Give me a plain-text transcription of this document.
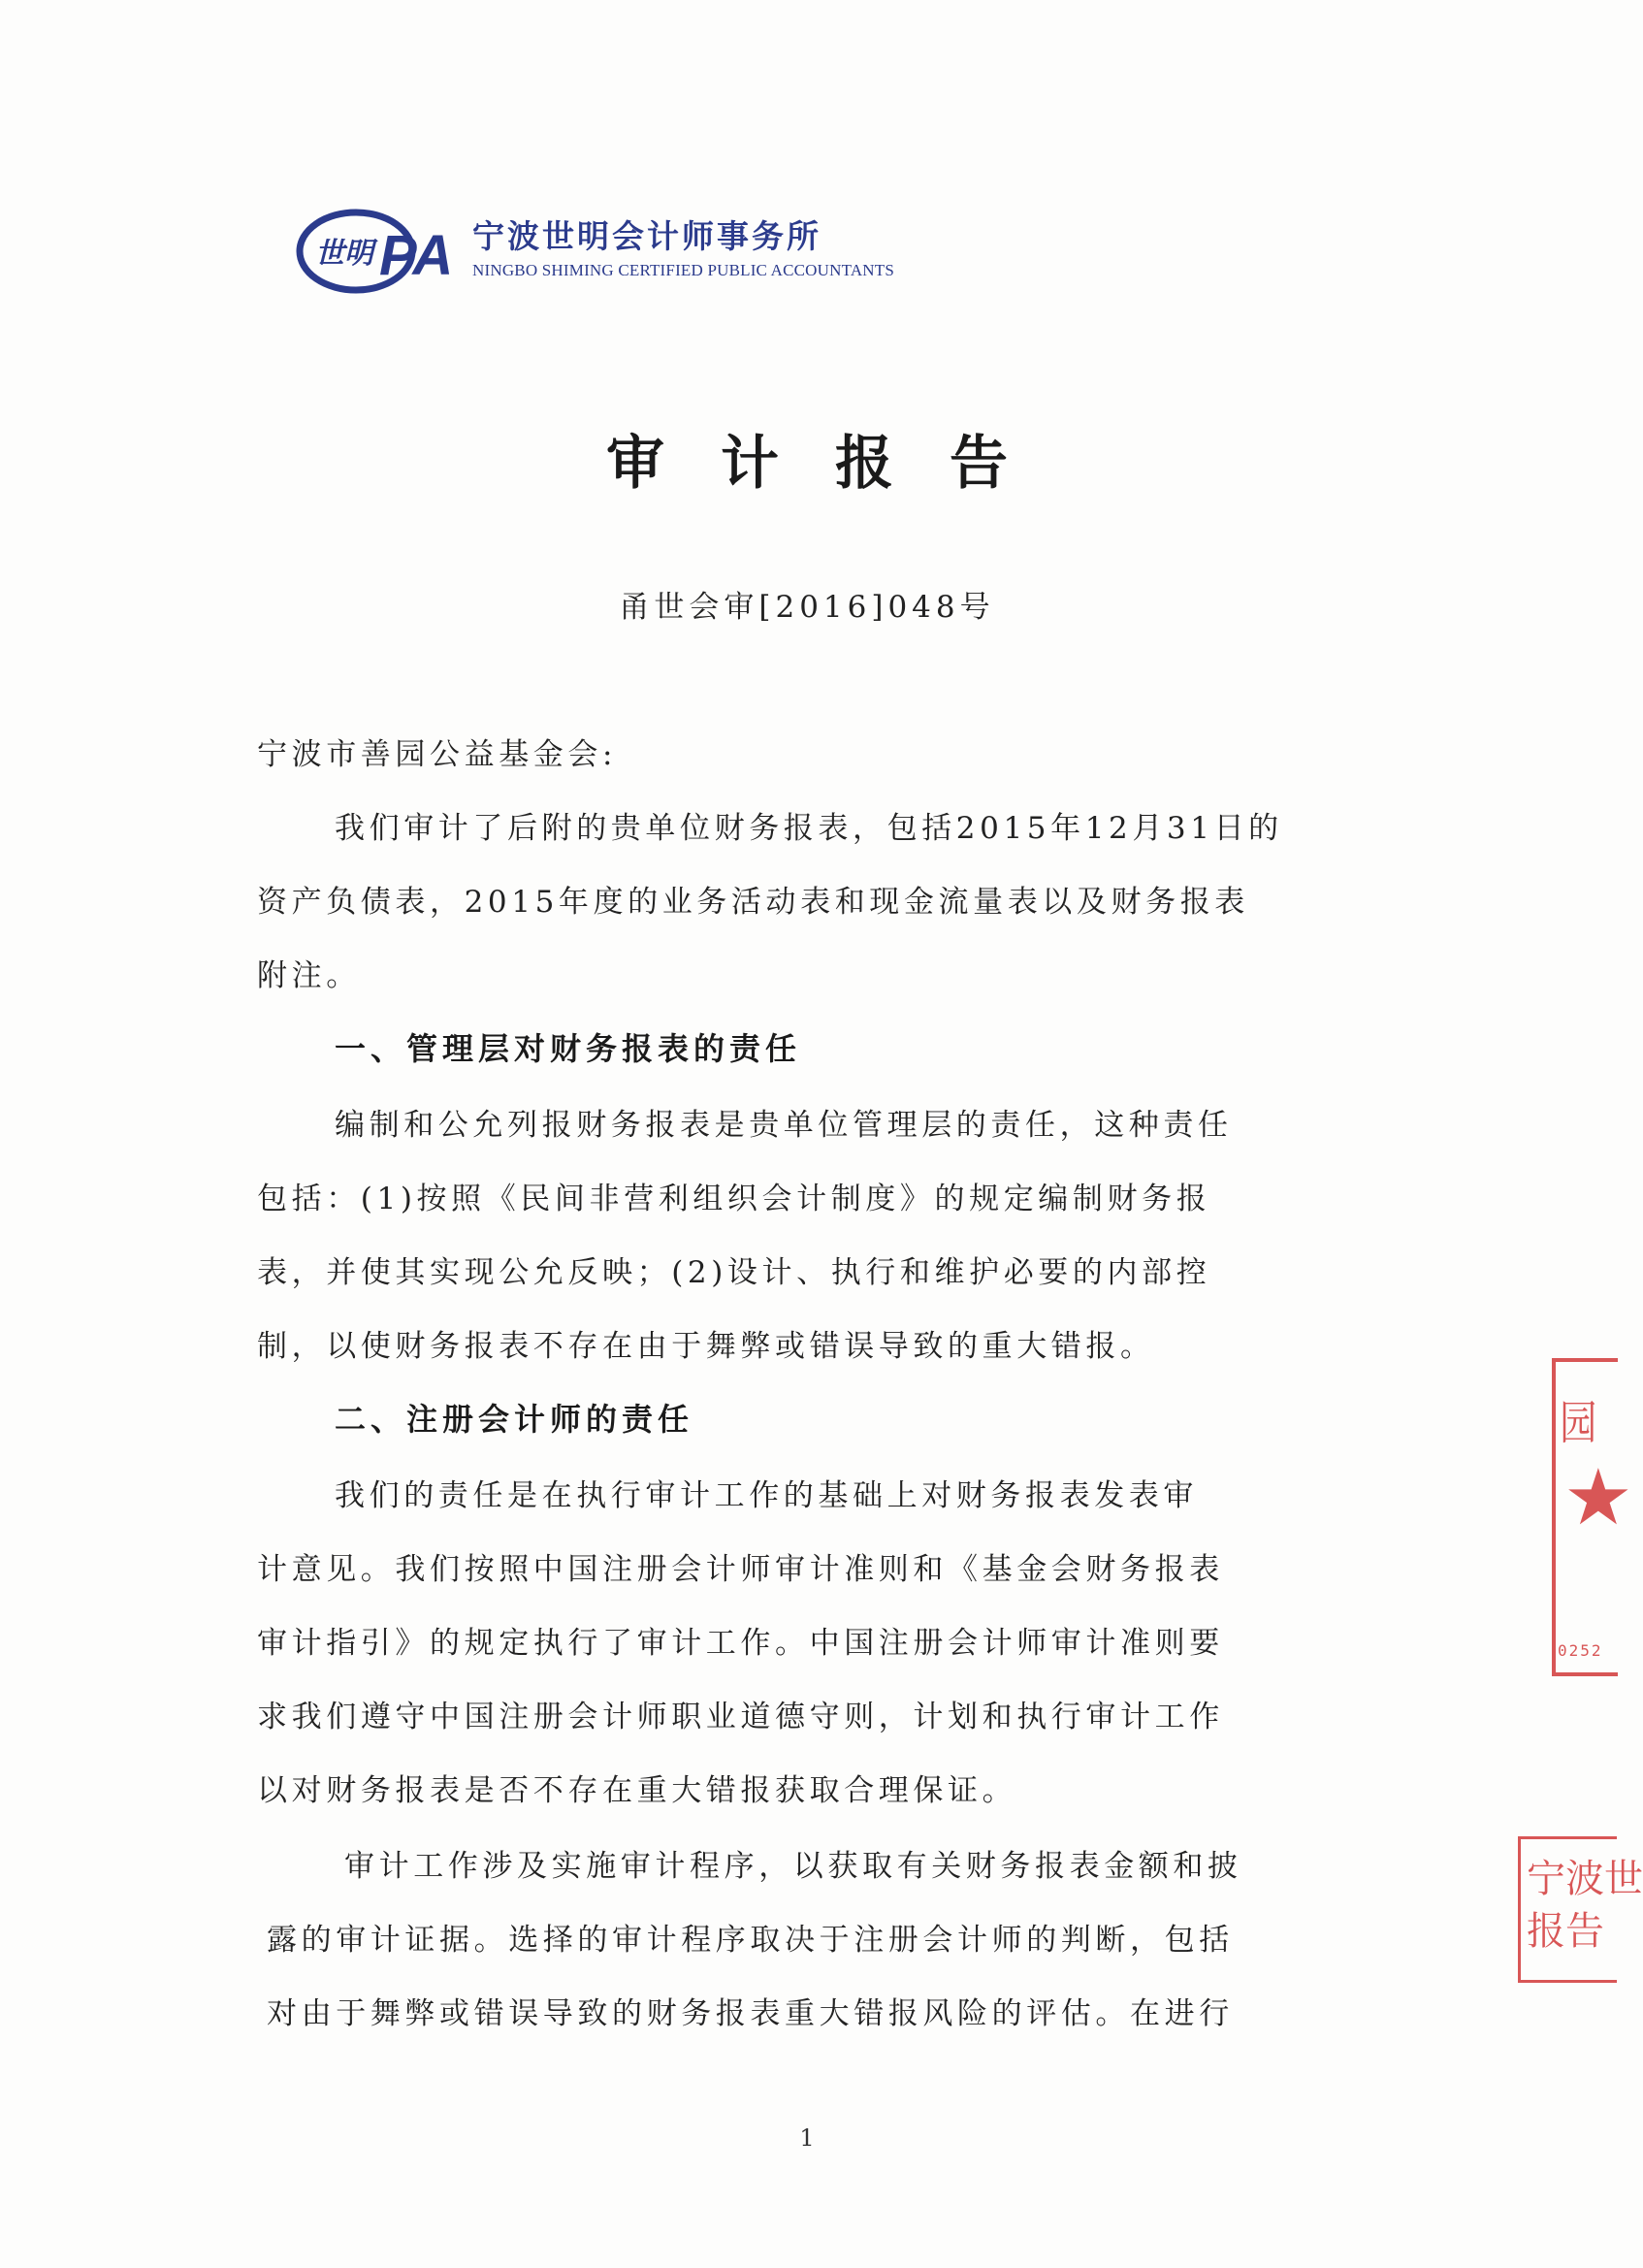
世明 PA 宁波世明会计师事务所
NINGBO SHIMING CERTIFIED PUBLIC ACCOUNTANTS
审计报告
甬世会审[2016]048号
宁波市善园公益基金会:
我们审计了后附的贵单位财务报表，包括2015年12月31日的
资产负债表，2015年度的业务活动表和现金流量表以及财务报表
附注。
一、管理层对财务报表的责任
编制和公允列报财务报表是贵单位管理层的责任，这种责任
包括：(1)按照《民间非营利组织会计制度》的规定编制财务报
表，并使其实现公允反映；(2)设计、执行和维护必要的内部控
制，以使财务报表不存在由于舞弊或错误导致的重大错报。
二、注册会计师的责任
我们的责任是在执行审计工作的基础上对财务报表发表审
计意见。我们按照中国注册会计师审计准则和《基金会财务报表
审计指引》的规定执行了审计工作。中国注册会计师审计准则要
求我们遵守中国注册会计师职业道德守则，计划和执行审计工作
以对财务报表是否不存在重大错报获取合理保证。
审计工作涉及实施审计程序，以获取有关财务报表金额和披
露的审计证据。选择的审计程序取决于注册会计师的判断，包括
对由于舞弊或错误导致的财务报表重大错报风险的评估。在进行
1
园
★
0252
宁波世
报告
